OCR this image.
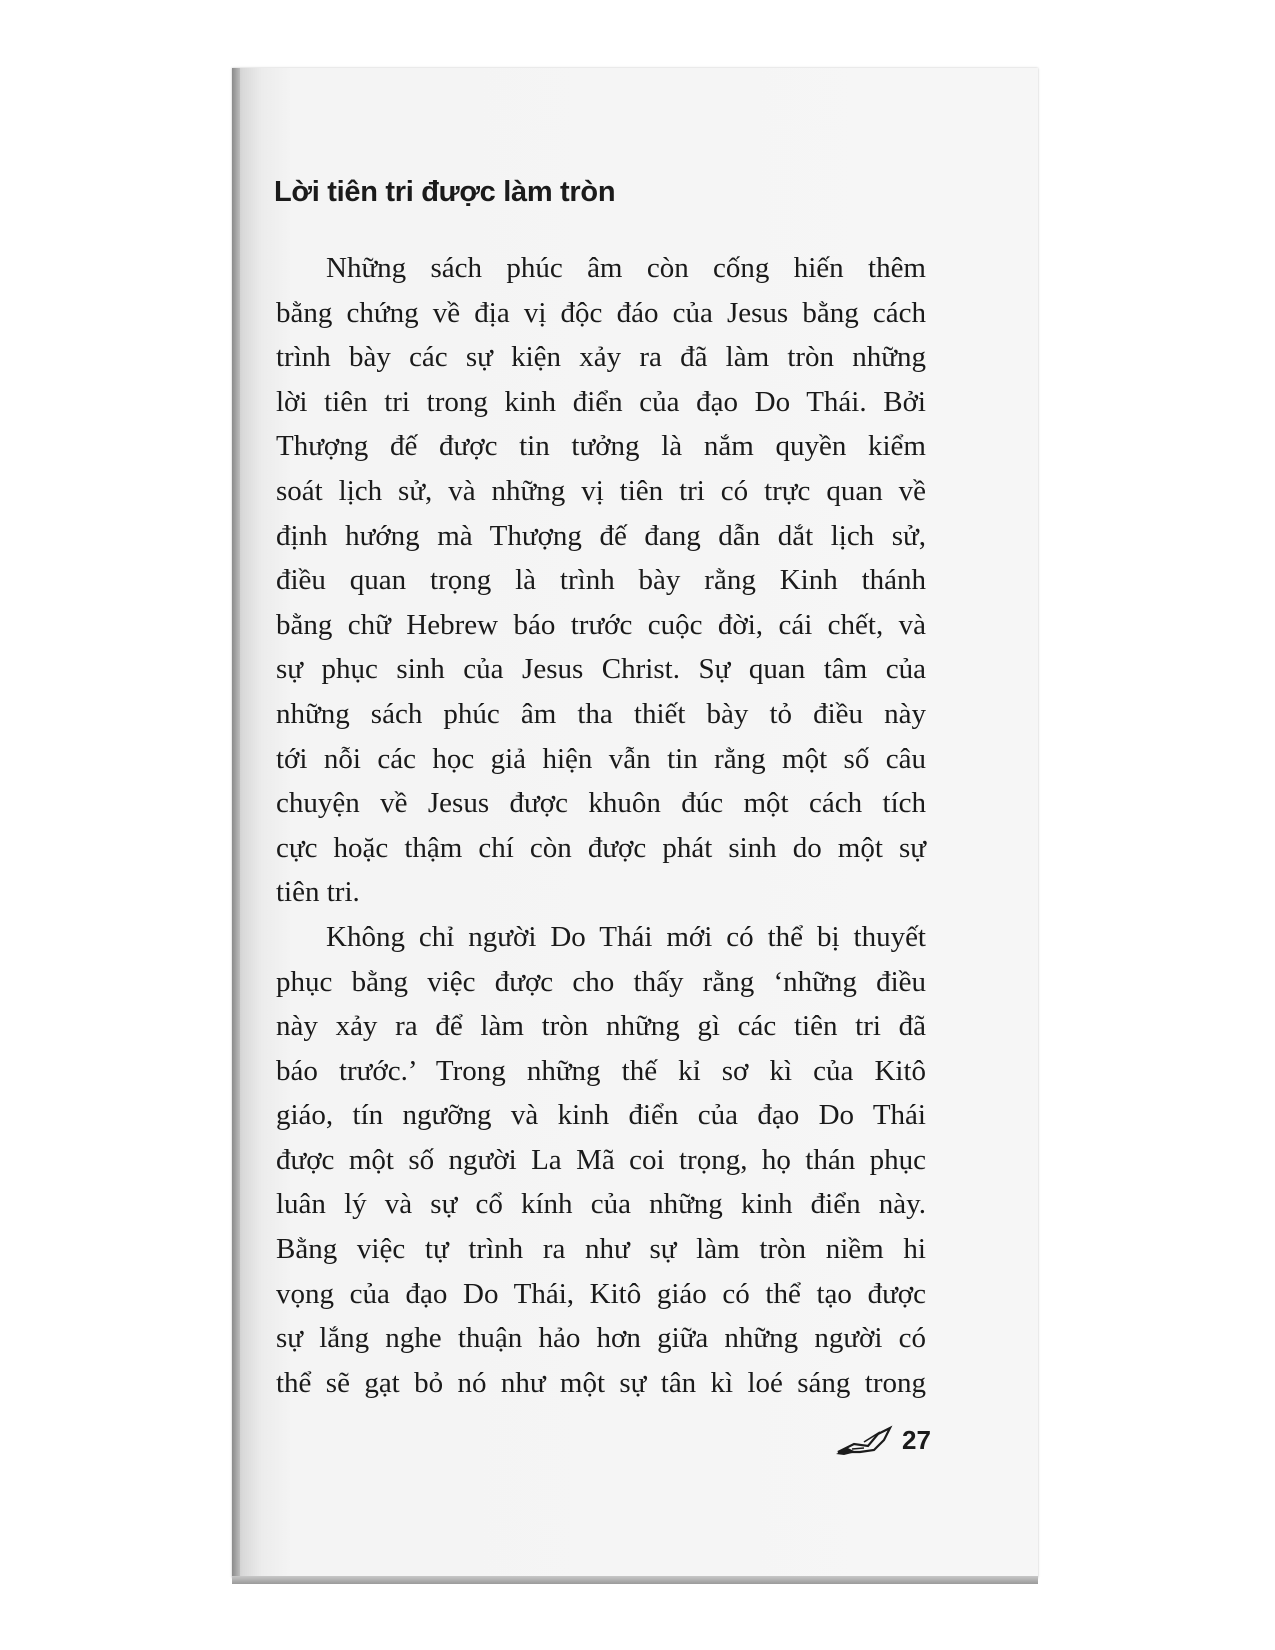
Lời tiên tri được làm tròn
Những sách phúc âm còn cống hiến thêm
bằng chứng về địa vị độc đáo của Jesus bằng cách
trình bày các sự kiện xảy ra đã làm tròn những
lời tiên tri trong kinh điển của đạo Do Thái. Bởi
Thượng đế được tin tưởng là nắm quyền kiểm
soát lịch sử, và những vị tiên tri có trực quan về
định hướng mà Thượng đế đang dẫn dắt lịch sử,
điều quan trọng là trình bày rằng Kinh thánh
bằng chữ Hebrew báo trước cuộc đời, cái chết, và
sự phục sinh của Jesus Christ. Sự quan tâm của
những sách phúc âm tha thiết bày tỏ điều này
tới nỗi các học giả hiện vẫn tin rằng một số câu
chuyện về Jesus được khuôn đúc một cách tích
cực hoặc thậm chí còn được phát sinh do một sự
tiên tri.
Không chỉ người Do Thái mới có thể bị thuyết
phục bằng việc được cho thấy rằng ‘những điều
này xảy ra để làm tròn những gì các tiên tri đã
báo trước.’ Trong những thế kỉ sơ kì của Kitô
giáo, tín ngưỡng và kinh điển của đạo Do Thái
được một số người La Mã coi trọng, họ thán phục
luân lý và sự cổ kính của những kinh điển này.
Bằng việc tự trình ra như sự làm tròn niềm hi
vọng của đạo Do Thái, Kitô giáo có thể tạo được
sự lắng nghe thuận hảo hơn giữa những người có
thể sẽ gạt bỏ nó như một sự tân kì loé sáng trong
27
